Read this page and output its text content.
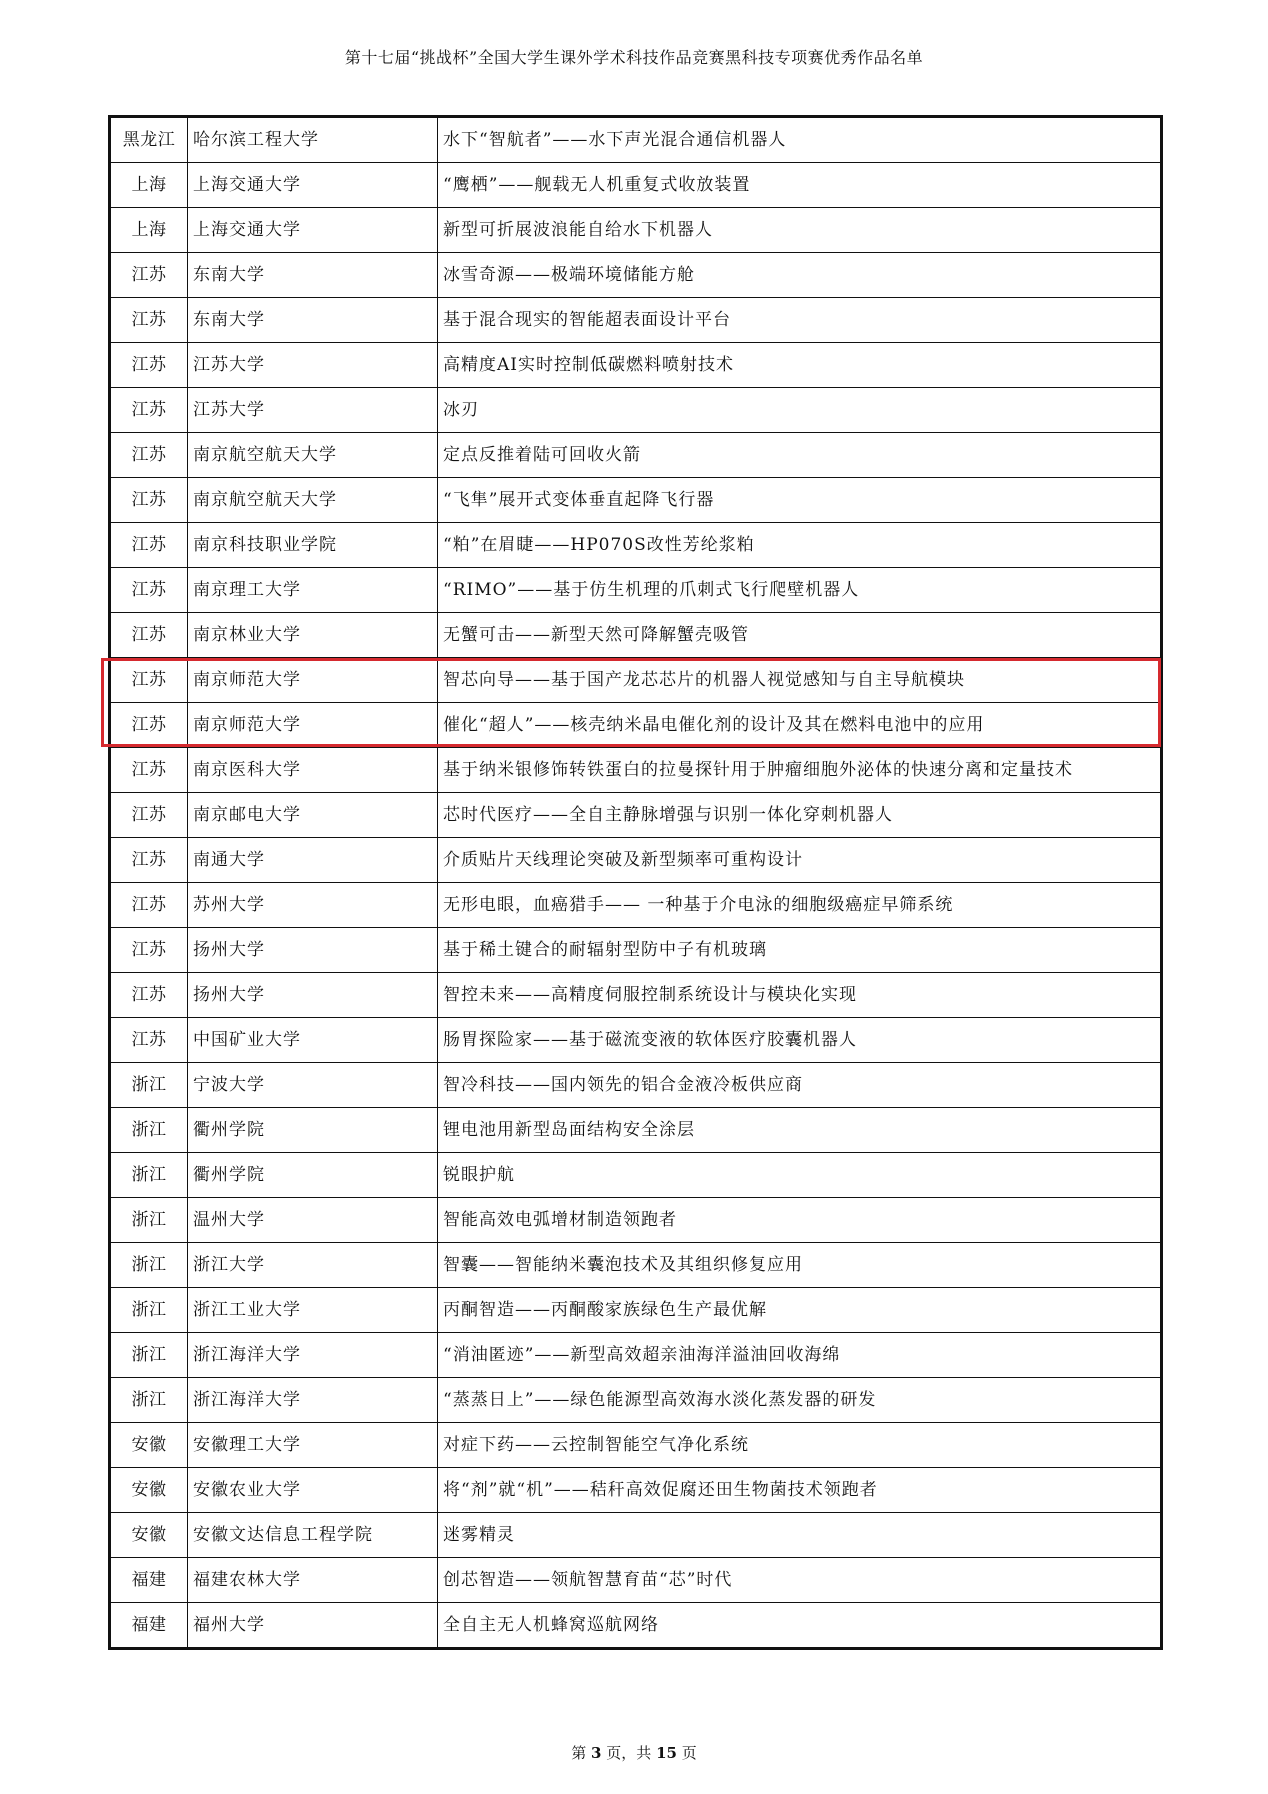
第十七届“挑战杯”全国大学生课外学术科技作品竞赛黑科技专项赛优秀作品名单
黑龙江	哈尔滨工程大学	水下“智航者”——水下声光混合通信机器人
上海	上海交通大学	“鹰栖”——舰载无人机重复式收放装置
上海	上海交通大学	新型可折展波浪能自给水下机器人
江苏	东南大学	冰雪奇源——极端环境储能方舱
江苏	东南大学	基于混合现实的智能超表面设计平台
江苏	江苏大学	高精度AI实时控制低碳燃料喷射技术
江苏	江苏大学	冰刃
江苏	南京航空航天大学	定点反推着陆可回收火箭
江苏	南京航空航天大学	“飞隼”展开式变体垂直起降飞行器
江苏	南京科技职业学院	“粕”在眉睫——HP070S改性芳纶浆粕
江苏	南京理工大学	“RIMO”——基于仿生机理的爪刺式飞行爬壁机器人
江苏	南京林业大学	无蟹可击——新型天然可降解蟹壳吸管
江苏	南京师范大学	智芯向导——基于国产龙芯芯片的机器人视觉感知与自主导航模块
江苏	南京师范大学	催化“超人”——核壳纳米晶电催化剂的设计及其在燃料电池中的应用
江苏	南京医科大学	基于纳米银修饰转铁蛋白的拉曼探针用于肿瘤细胞外泌体的快速分离和定量技术
江苏	南京邮电大学	芯时代医疗——全自主静脉增强与识别一体化穿刺机器人
江苏	南通大学	介质贴片天线理论突破及新型频率可重构设计
江苏	苏州大学	无形电眼，血癌猎手—— 一种基于介电泳的细胞级癌症早筛系统
江苏	扬州大学	基于稀土键合的耐辐射型防中子有机玻璃
江苏	扬州大学	智控未来——高精度伺服控制系统设计与模块化实现
江苏	中国矿业大学	肠胃探险家——基于磁流变液的软体医疗胶囊机器人
浙江	宁波大学	智冷科技——国内领先的铝合金液冷板供应商
浙江	衢州学院	锂电池用新型岛面结构安全涂层
浙江	衢州学院	锐眼护航
浙江	温州大学	智能高效电弧增材制造领跑者
浙江	浙江大学	智囊——智能纳米囊泡技术及其组织修复应用
浙江	浙江工业大学	丙酮智造——丙酮酸家族绿色生产最优解
浙江	浙江海洋大学	“消油匿迹”——新型高效超亲油海洋溢油回收海绵
浙江	浙江海洋大学	“蒸蒸日上”——绿色能源型高效海水淡化蒸发器的研发
安徽	安徽理工大学	对症下药——云控制智能空气净化系统
安徽	安徽农业大学	将“剂”就“机”——秸秆高效促腐还田生物菌技术领跑者
安徽	安徽文达信息工程学院	迷雾精灵
福建	福建农林大学	创芯智造——领航智慧育苗“芯”时代
福建	福州大学	全自主无人机蜂窝巡航网络
第 3 页，共 15 页
